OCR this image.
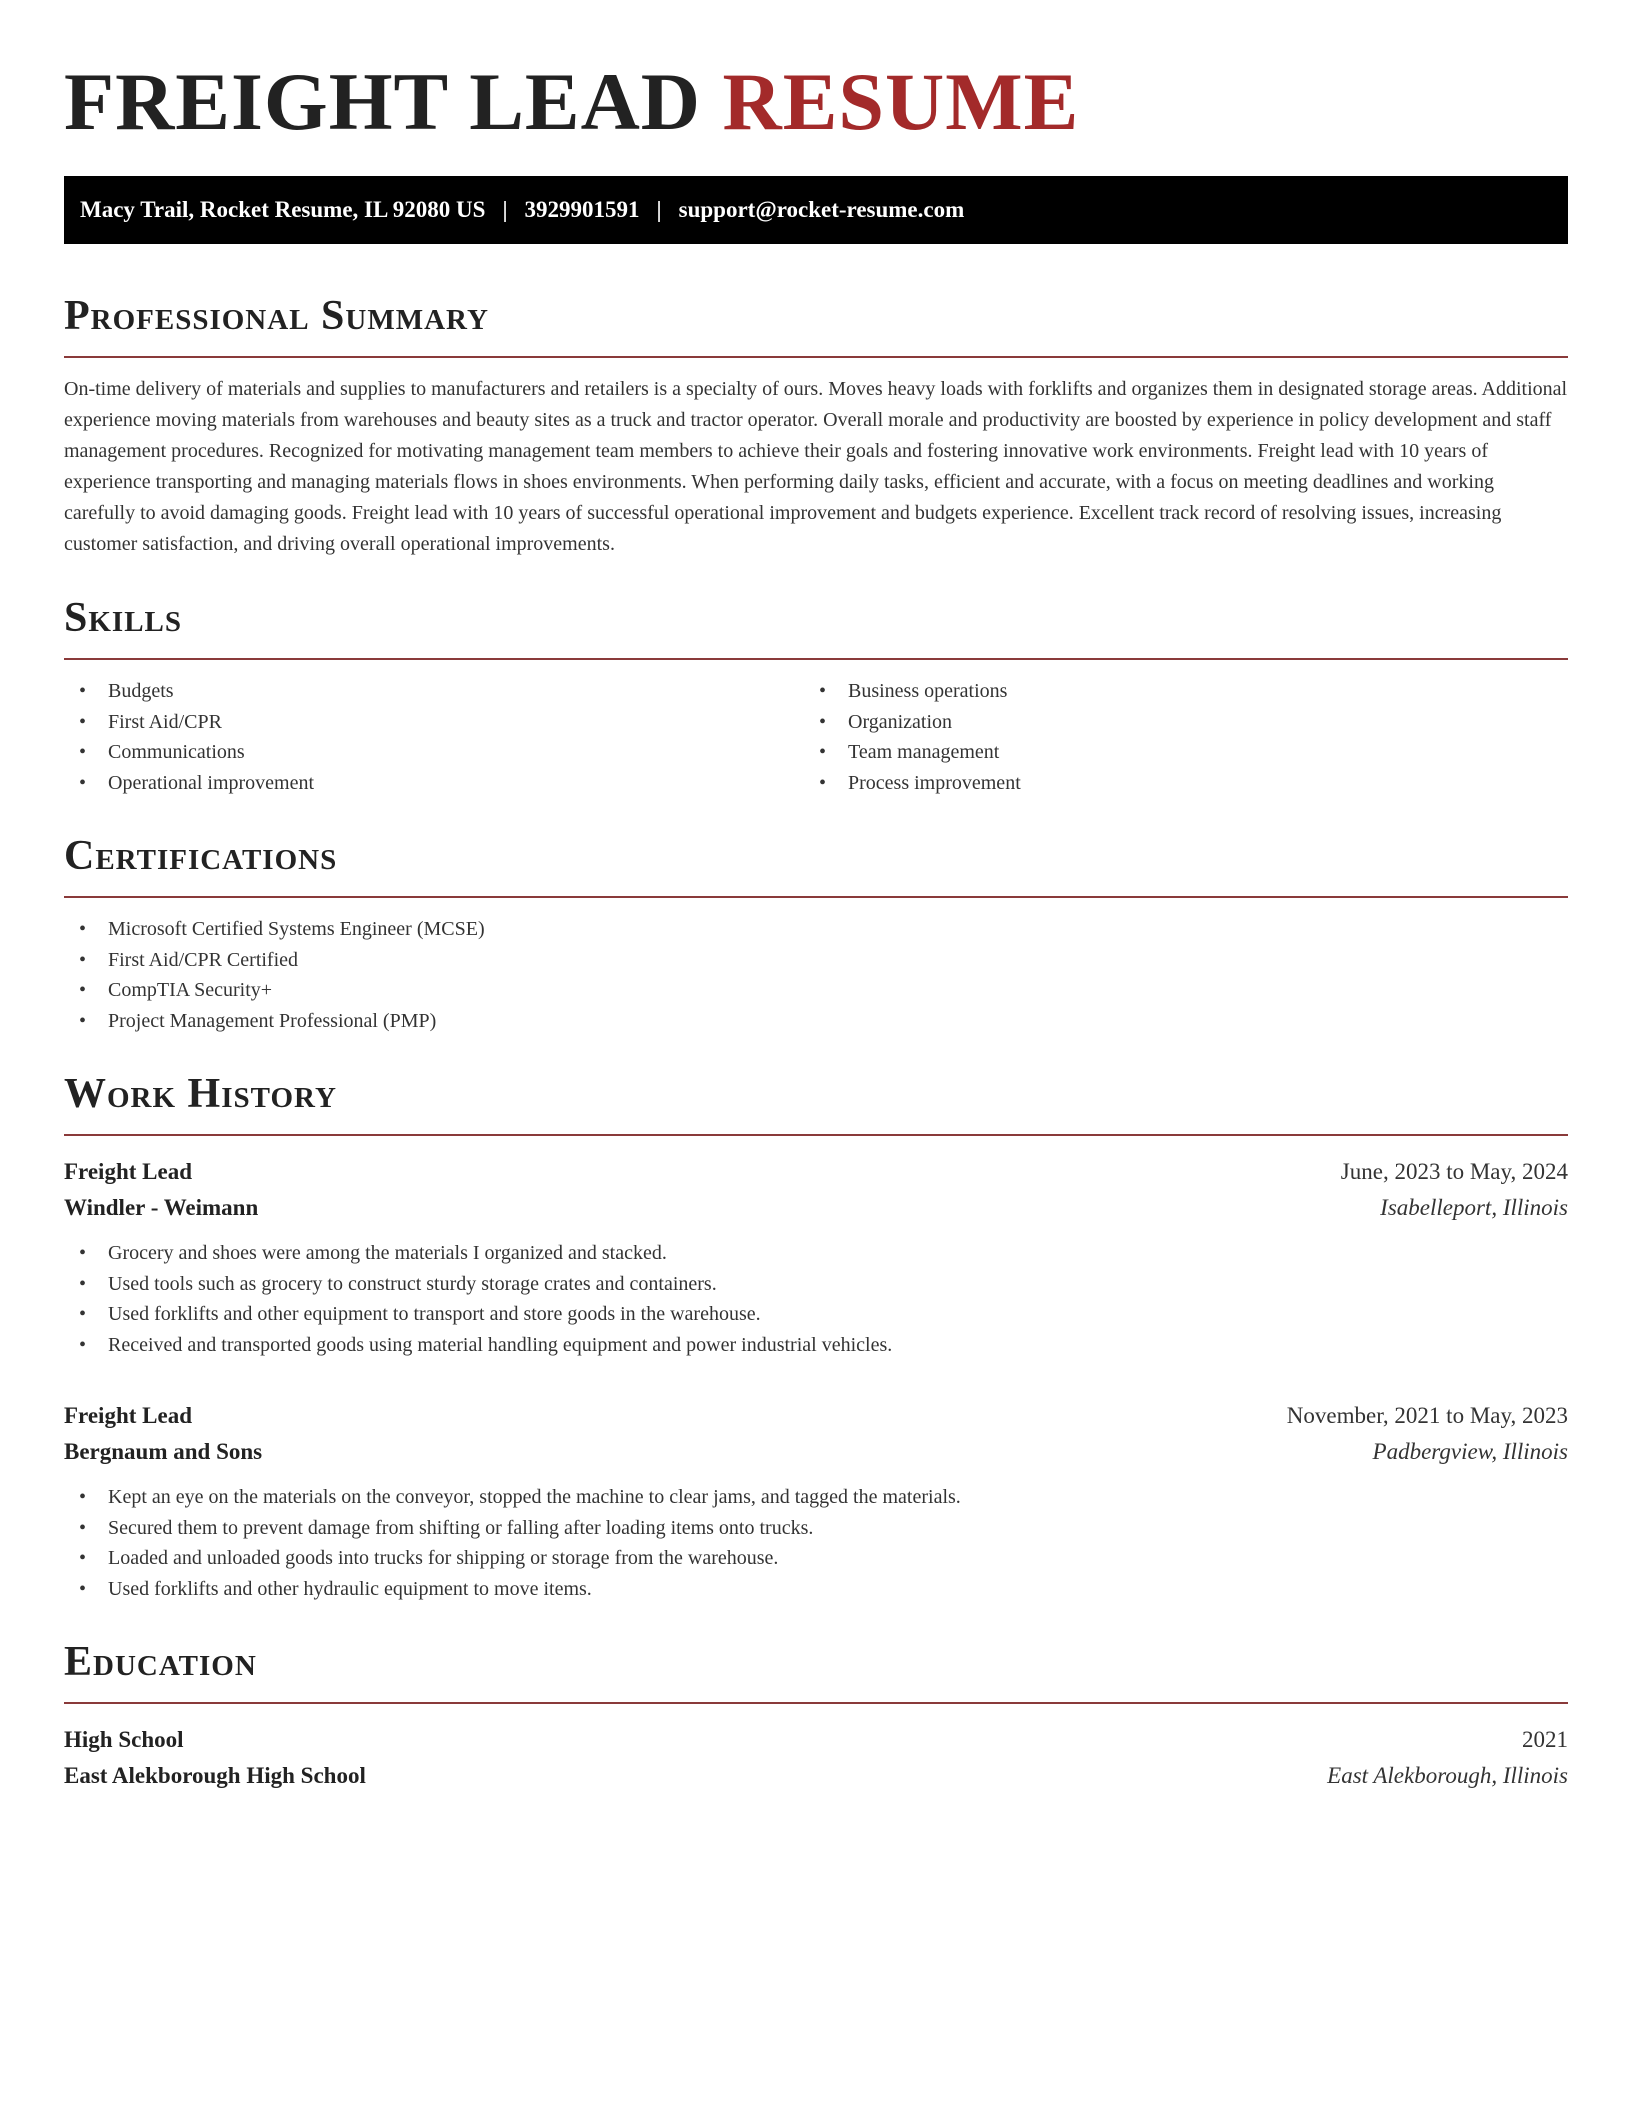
FREIGHT LEAD RESUME
Macy Trail, Rocket Resume, IL 92080 US | 3929901591 | support@rocket-resume.com
Professional Summary

On-time delivery of materials and supplies to manufacturers and retailers is a specialty of ours. Moves heavy loads with forklifts and organizes them in designated storage areas. Additional experience moving materials from warehouses and beauty sites as a truck and tractor operator. Overall morale and productivity are boosted by experience in policy development and staff management procedures. Recognized for motivating management team members to achieve their goals and fostering innovative work environments. Freight lead with 10 years of experience transporting and managing materials flows in shoes environments. When performing daily tasks, efficient and accurate, with a focus on meeting deadlines and working carefully to avoid damaging goods. Freight lead with 10 years of successful operational improvement and budgets experience. Excellent track record of resolving issues, increasing customer satisfaction, and driving overall operational improvements.

Skills
• Budgets
• First Aid/CPR
• Communications
• Operational improvement
• Business operations
• Organization
• Team management
• Process improvement
Certifications
• Microsoft Certified Systems Engineer (MCSE)
• First Aid/CPR Certified
• CompTIA Security+
• Project Management Professional (PMP)
Work History
Freight Lead	June, 2023 to May, 2024
Windler - Weimann	Isabelleport, Illinois
• Grocery and shoes were among the materials I organized and stacked.
• Used tools such as grocery to construct sturdy storage crates and containers.
• Used forklifts and other equipment to transport and store goods in the warehouse.
• Received and transported goods using material handling equipment and power industrial vehicles.
Freight Lead	November, 2021 to May, 2023
Bergnaum and Sons	Padbergview, Illinois
• Kept an eye on the materials on the conveyor, stopped the machine to clear jams, and tagged the materials.
• Secured them to prevent damage from shifting or falling after loading items onto trucks.
• Loaded and unloaded goods into trucks for shipping or storage from the warehouse.
• Used forklifts and other hydraulic equipment to move items.
Education
High School	2021
East Alekborough High School	East Alekborough, Illinois
